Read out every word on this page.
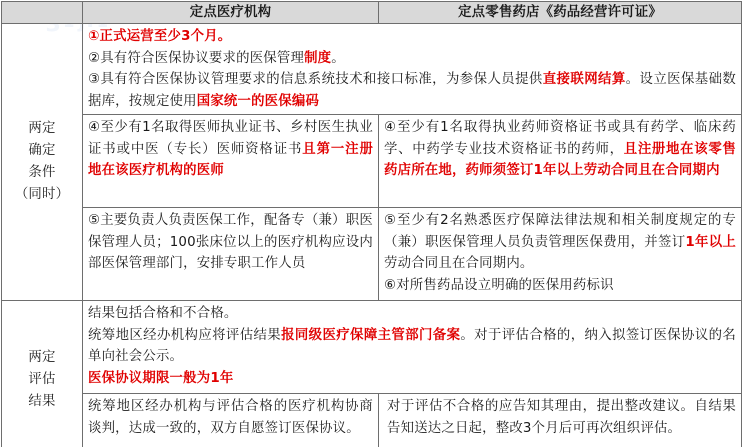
	定点医疗机构	定点零售药店《药品经营许可证》

两定
确定
条件
（同时）	①正式运营至少3个月。
②具有符合医保协议要求的医保管理制度。
③具有符合医保协议管理要求的信息系统技术和接口标准，为参保人员提供直接联网结算。设立医保基础数据库，按规定使用国家统一的医保编码	

	④至少有1名取得医师执业证书、乡村医生执业证书或中医（专长）医师资格证书且第一注册地在该医疗机构的医师	④至少有1名取得执业药师资格证书或具有药学、临床药学、中药学专业技术资格证书的药师，且注册地在该零售药店所在地，药师须签订1年以上劳动合同且在合同期内
	⑤主要负责人负责医保工作，配备专（兼）职医保管理人员；100张床位以上的医疗机构应设内部医保管理部门，安排专职工作人员	⑤至少有2名熟悉医疗保障法律法规和相关制度规定的专（兼）职医保管理人员负责管理医保费用，并签订1年以上劳动合同且在合同期内。
⑥对所售药品设立明确的医保用药标识

两定
评估
结果	结果包括合格和不合格。
统筹地区经办机构应将评估结果报同级医疗保障主管部门备案。对于评估合格的，纳入拟签订医保协议的名单向社会公示。
医保协议期限一般为1年	

	统筹地区经办机构与评估合格的医疗机构协商谈判，达成一致的，双方自愿签订医保协议。	对于评估不合格的应告知其理由，提出整改建议。自结果告知送达之日起，整改3个月后可再次组织评估。
